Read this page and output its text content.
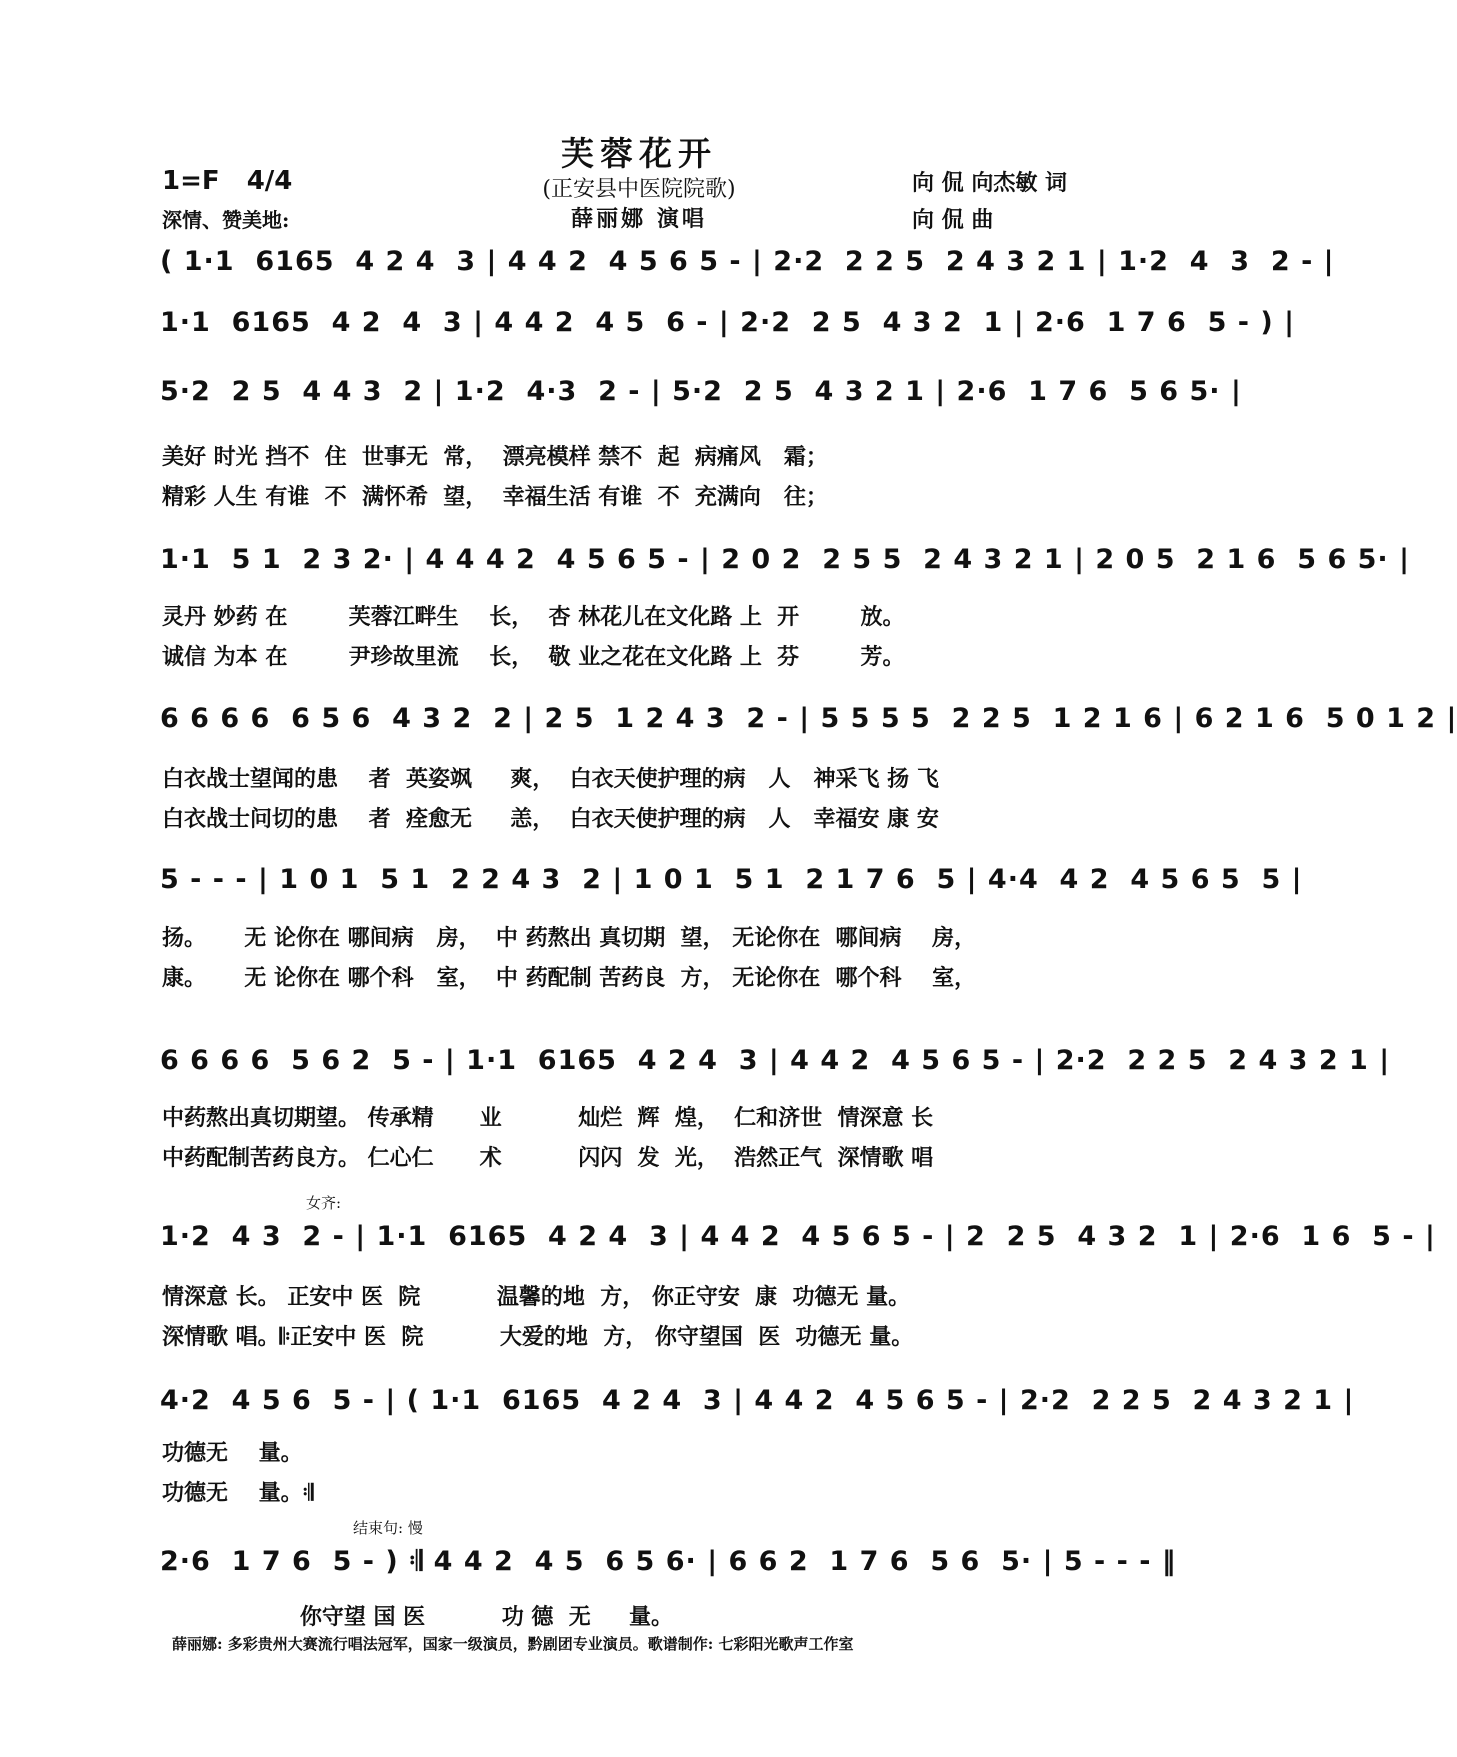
芙蓉花开
(正安县中医院院歌)
薛丽娜 演唱
1=F 4/4
深情、赞美地:
向 侃 向杰敏 词
向 侃 曲
( 1·1  6165  4 2 4  3 | 4 4 2  4 5 6 5 - | 2·2  2 2 5  2 4 3 2 1 | 1·2  4  3  2 - |
1·1  6165  4 2  4  3 | 4 4 2  4 5  6 - | 2·2  2 5  4 3 2  1 | 2·6  1 7 6  5 - ) |
5·2  2 5  4 4 3  2 | 1·2  4·3  2 - | 5·2  2 5  4 3 2 1 | 2·6  1 7 6  5 6 5· |
美好 时光 挡不  住  世事无  常，  漂亮模样 禁不  起  病痛风   霜；
精彩 人生 有谁  不  满怀希  望，  幸福生活 有谁  不  充满向   往；
1·1  5 1  2 3 2· | 4 4 4 2  4 5 6 5 - | 2 0 2  2 5 5  2 4 3 2 1 | 2 0 5  2 1 6  5 6 5· |
灵丹 妙药 在        芙蓉江畔生    长，  杏 林花儿在文化路 上  开        放。
诚信 为本 在        尹珍故里流    长，  敬 业之花在文化路 上  芬        芳。
6 6 6 6  6 5 6  4 3 2  2 | 2 5  1 2 4 3  2 - | 5 5 5 5  2 2 5  1 2 1 6 | 6 2 1 6  5 0 1 2 |
白衣战士望闻的患    者  英姿飒     爽，  白衣天使护理的病   人   神采飞 扬 飞
白衣战士问切的患    者  痊愈无     恙，  白衣天使护理的病   人   幸福安 康 安
5 - - - | 1 0 1  5 1  2 2 4 3  2 | 1 0 1  5 1  2 1 7 6  5 | 4·4  4 2  4 5 6 5  5 |
扬。     无 论你在 哪间病   房，  中 药熬出 真切期  望， 无论你在  哪间病    房，
康。     无 论你在 哪个科   室，  中 药配制 苦药良  方， 无论你在  哪个科    室，
6 6 6 6  5 6 2  5 - | 1·1  6165  4 2 4  3 | 4 4 2  4 5 6 5 - | 2·2  2 2 5  2 4 3 2 1 |
中药熬出真切期望。 传承精      业          灿烂  辉  煌，  仁和济世  情深意 长
中药配制苦药良方。 仁心仁      术          闪闪  发  光，  浩然正气  深情歌 唱
女齐:
1·2  4 3  2 - | 1·1  6165  4 2 4  3 | 4 4 2  4 5 6 5 - | 2  2 5  4 3 2  1 | 2·6  1 6  5 - |
情深意 长。 正安中 医  院          温馨的地  方， 你正守安  康  功德无 量。
深情歌 唱。𝄆正安中 医  院          大爱的地  方， 你守望国  医  功德无 量。
4·2  4 5 6  5 - | ( 1·1  6165  4 2 4  3 | 4 4 2  4 5 6 5 - | 2·2  2 2 5  2 4 3 2 1 |
功德无    量。
功德无    量。𝄇
结束句: 慢
2·6  1 7 6  5 - ) 𝄇 4 4 2  4 5  6 5 6· | 6 6 2  1 7 6  5 6  5· | 5 - - - ‖
你守望 国 医          功 德  无     量。
薛丽娜: 多彩贵州大赛流行唱法冠军，国家一级演员，黔剧团专业演员。歌谱制作: 七彩阳光歌声工作室
